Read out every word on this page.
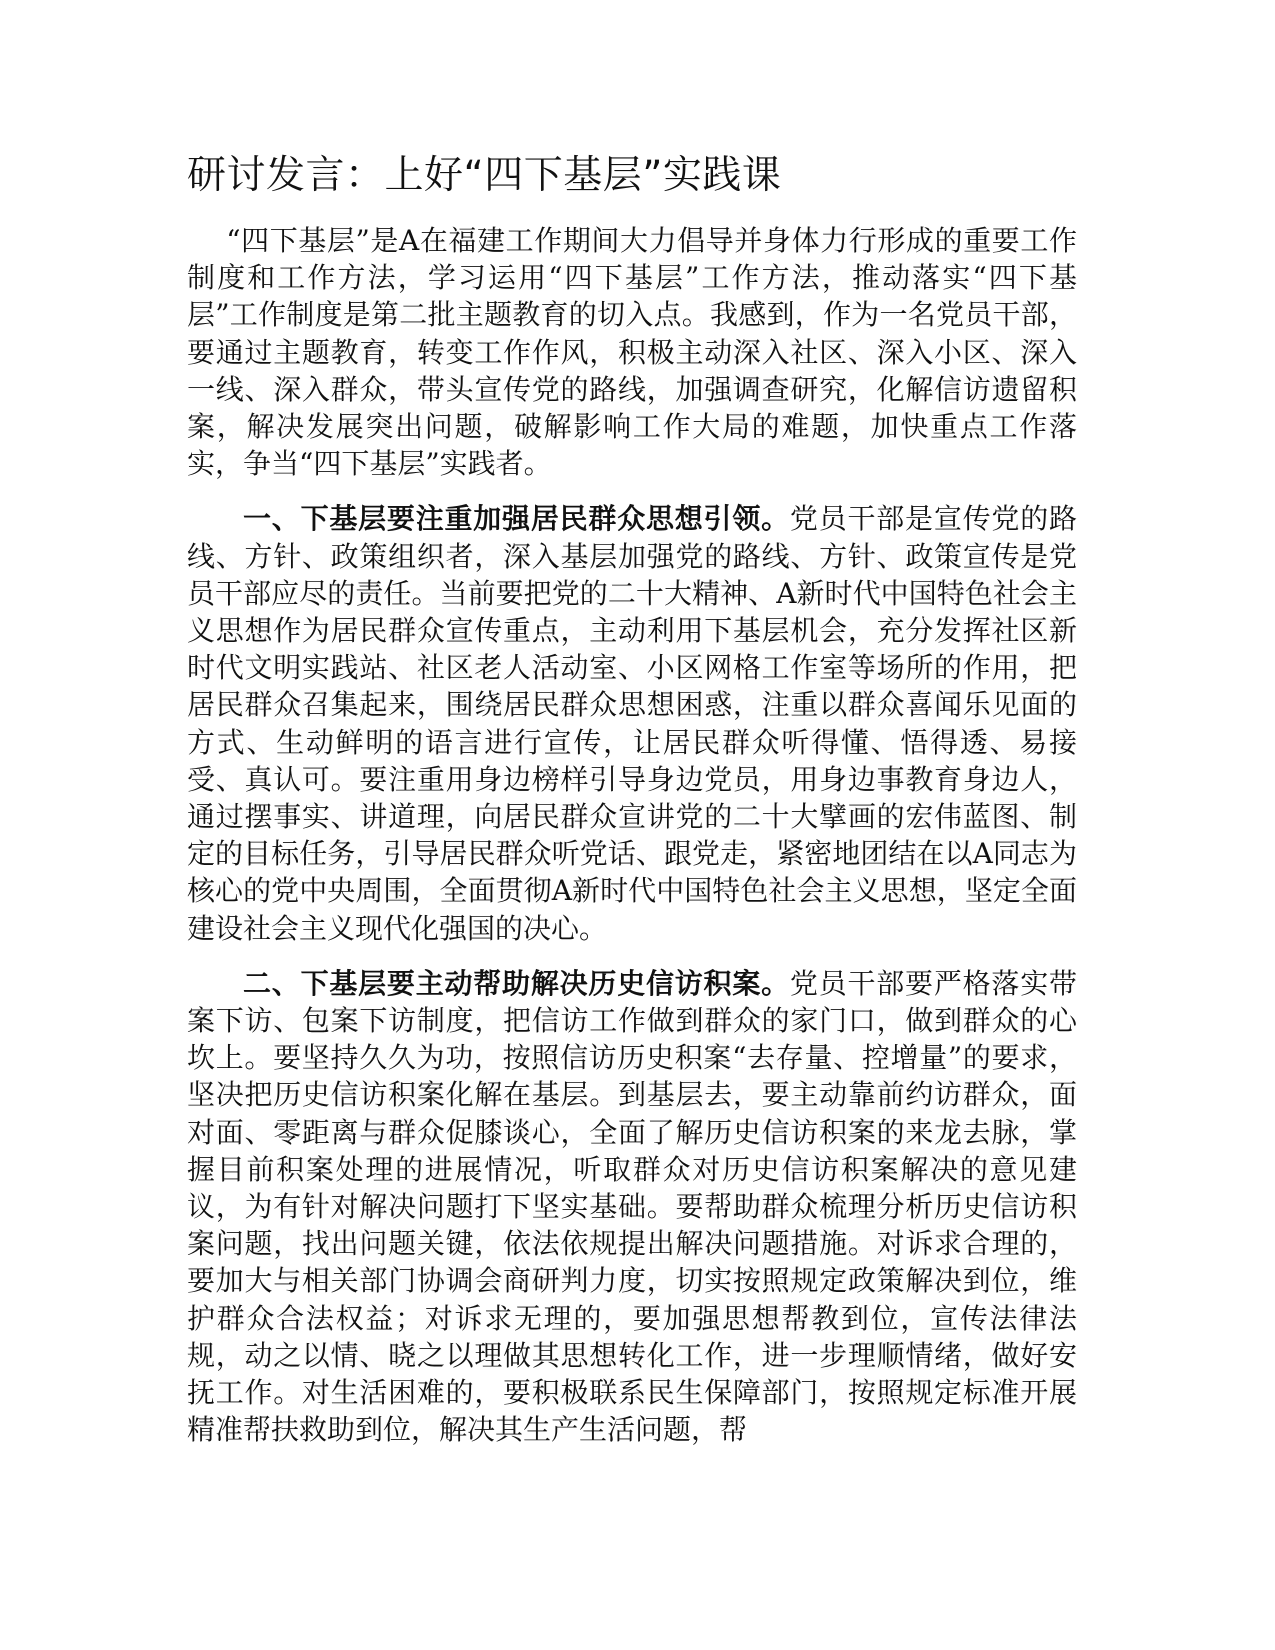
研讨发言：上好“四下基层”实践课

“四下基层”是A在福建工作期间大力倡导并身体力行形成的重要工作制度和工作方法，学习运用“四下基层”工作方法，推动落实“四下基层”工作制度是第二批主题教育的切入点。我感到，作为一名党员干部，要通过主题教育，转变工作作风，积极主动深入社区、深入小区、深入一线、深入群众，带头宣传党的路线，加强调查研究，化解信访遗留积案，解决发展突出问题，破解影响工作大局的难题，加快重点工作落实，争当“四下基层”实践者。

一、下基层要注重加强居民群众思想引领。党员干部是宣传党的路线、方针、政策组织者，深入基层加强党的路线、方针、政策宣传是党员干部应尽的责任。当前要把党的二十大精神、A新时代中国特色社会主义思想作为居民群众宣传重点，主动利用下基层机会，充分发挥社区新时代文明实践站、社区老人活动室、小区网格工作室等场所的作用，把居民群众召集起来，围绕居民群众思想困惑，注重以群众喜闻乐见面的方式、生动鲜明的语言进行宣传，让居民群众听得懂、悟得透、易接受、真认可。要注重用身边榜样引导身边党员，用身边事教育身边人，通过摆事实、讲道理，向居民群众宣讲党的二十大擘画的宏伟蓝图、制定的目标任务，引导居民群众听党话、跟党走，紧密地团结在以A同志为核心的党中央周围，全面贯彻A新时代中国特色社会主义思想，坚定全面建设社会主义现代化强国的决心。

二、下基层要主动帮助解决历史信访积案。党员干部要严格落实带案下访、包案下访制度，把信访工作做到群众的家门口，做到群众的心坎上。要坚持久久为功，按照信访历史积案“去存量、控增量”的要求，坚决把历史信访积案化解在基层。到基层去，要主动靠前约访群众，面对面、零距离与群众促膝谈心，全面了解历史信访积案的来龙去脉，掌握目前积案处理的进展情况，听取群众对历史信访积案解决的意见建议，为有针对解决问题打下坚实基础。要帮助群众梳理分析历史信访积案问题，找出问题关键，依法依规提出解决问题措施。对诉求合理的，要加大与相关部门协调会商研判力度，切实按照规定政策解决到位，维护群众合法权益；对诉求无理的，要加强思想帮教到位，宣传法律法规，动之以情、晓之以理做其思想转化工作，进一步理顺情绪，做好安抚工作。对生活困难的，要积极联系民生保障部门，按照规定标准开展精准帮扶救助到位，解决其生产生活问题，帮
